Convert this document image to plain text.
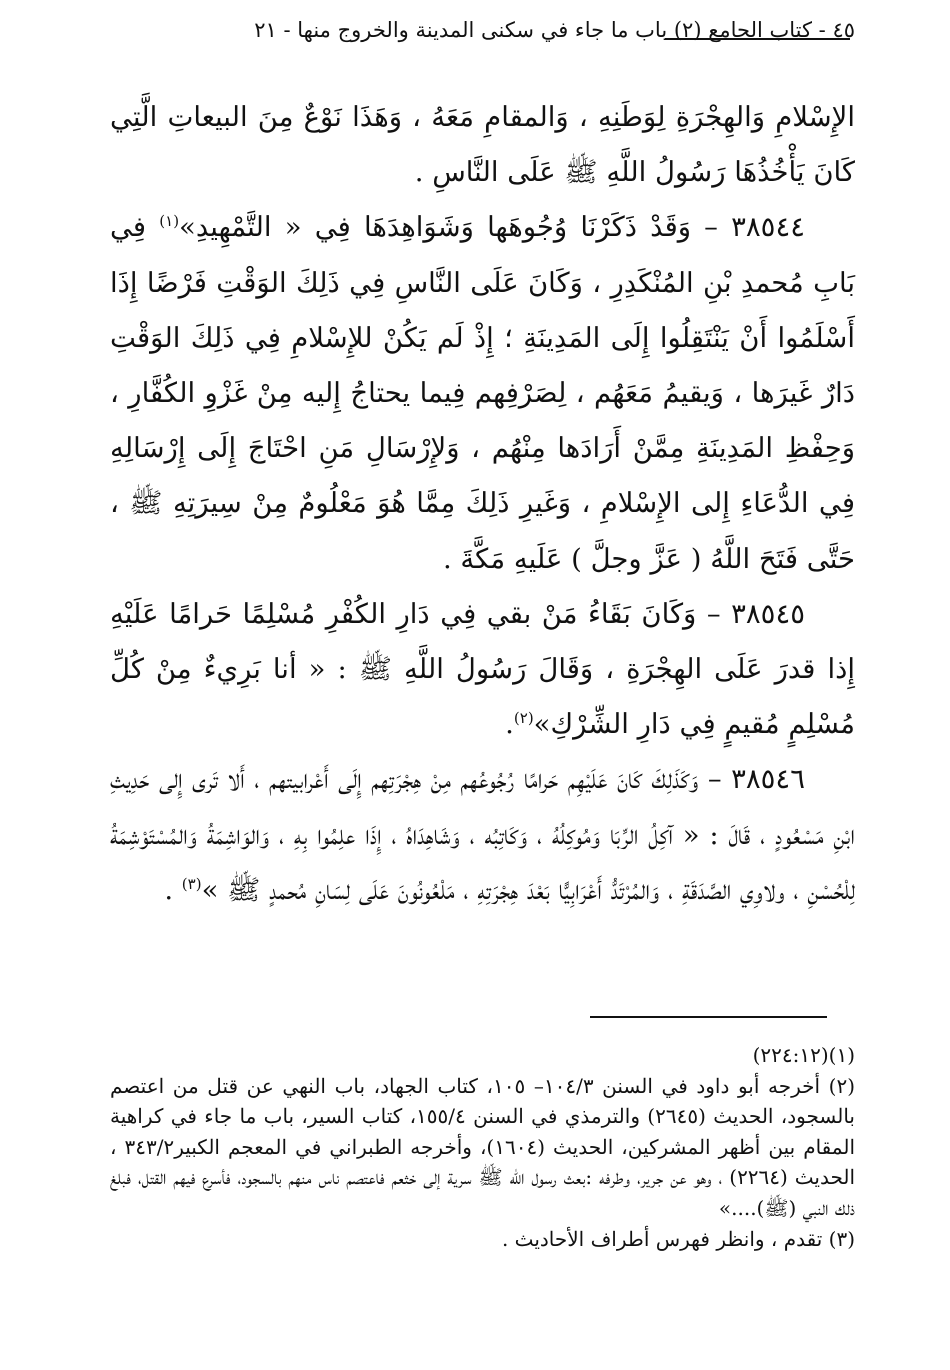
٤٥ - كتاب الجامع (٢) باب ما جاء في سكنى المدينة والخروج منها - ٢١

الإِسْلامِ وَالهِجْرَةِ لِوَطَنِهِ ، وَالمقامِ مَعَهُ ، وَهَذَا نَوْعٌ مِنَ البيعاتِ الَّتِي كَانَ يَأْخُذُهَا رَسُولُ اللَّهِ ﷺ عَلَى النَّاسِ .

٣٨٥٤٤ – وَقَدْ ذَكَرْنَا وُجُوهَها وَشَوَاهِدَهَا فِي « التَّمْهِيدِ»$^{(١)}$ فِي بَابِ مُحمدِ بْنِ المُنْكَدِرِ ، وَكَانَ عَلَى النَّاسِ فِي ذَلِكَ الوَقْتِ فَرْضًا إِذَا أَسْلَمُوا أَنْ يَنْتَقِلُوا إِلَى المَدِينَةِ ؛ إِذْ لَم يَكُنْ للإِسْلامِ فِي ذَلِكَ الوَقْتِ دَارٌ غَيرَها ، وَيقيمُ مَعَهُم ، لِصَرْفِهم فِيما يحتاجُ إِليه مِنْ غَزْوِ الكُفَّارِ ، وَحِفْظِ المَدِينَةِ مِمَّنْ أَرَادَها مِنْهُم ، وَلإِرْسَالِ مَنِ احْتَاجَ إِلَى إِرْسَالِهِ فِي الدُّعَاءِ إِلى الإِسْلامِ ، وَغَيرِ ذَلِكَ مِمَّا هُوَ مَعْلُومٌ مِنْ سِيرَتِهِ ﷺ ، حَتَّى فَتَحَ اللَّهُ ( عَزَّ وجلَّ ) عَلَيهِ مَكَّةَ .

٣٨٥٤٥ – وَكَانَ بَقَاءُ مَنْ بقي فِي دَارِ الكُفْرِ مُسْلِمًا حَرامًا عَلَيْهِ إِذا قدرَ عَلَى الهِجْرَةِ ، وَقَالَ رَسُولُ اللَّهِ ﷺ : « أنا بَرِيءٌ مِنْ كُلِّ مُسْلِمٍ مُقيمٍ فِي دَارِ الشِّرْكِ»$^{(٢)}$.

٣٨٥٤٦ – وَكَذَلِكَ كَانَ عَلَيْهِم حَرامًا رُجُوعُهم مِنْ هِجْرَتِهم إِلَى أَعْرابيتهم ، أَلا تَرى إِلى حَدِيثِ ابْنِ مَسْعُودٍ ، قَالَ : « آكِلُ الرِّبَا وَمُوكِلُهُ ، وَكَاتِبُه ، وَشَاهِدَاهُ ، إِذَا علِمُوا بِهِ ، وَالوَاشِمَةُ وَالمُسْتَوْشِمَةُ لِلْحُسْنِ ، ولاوِي الصَّدَقَةِ ، وَالمُرْتَدُّ أَعْرَابِيًّا بَعْدَ هِجْرَتِهِ ، مَلْعُونُونَ عَلَى لِسَانِ مُحمدٍ ﷺ »$^{(٣)}$ .

(١)(٢٢٤:١٢)

(٢) أخرجه أبو داود في السنن ١٠٤/٣– ١٠٥، كتاب الجهاد، باب النهي عن قتل من اعتصم بالسجود، الحديث (٢٦٤٥) والترمذي في السنن ١٥٥/٤، كتاب السير، باب ما جاء في كراهية المقام بين أظهر المشركين، الحديث (١٦٠٤)، وأخرجه الطبراني في المعجم الكبير٣٤٣/٢ ، الحديث (٢٢٦٤) ، وهو عن جرير، وطرفه :بعث رسول الله ﷺ سرية إلى خثعم فاعتصم ناس منهم بالسجود، فأسرع فيهم القتل، فبلغ ذلك النبي (ﷺ)....»

(٣) تقدم ، وانظر فهرس أطراف الأحاديث .
